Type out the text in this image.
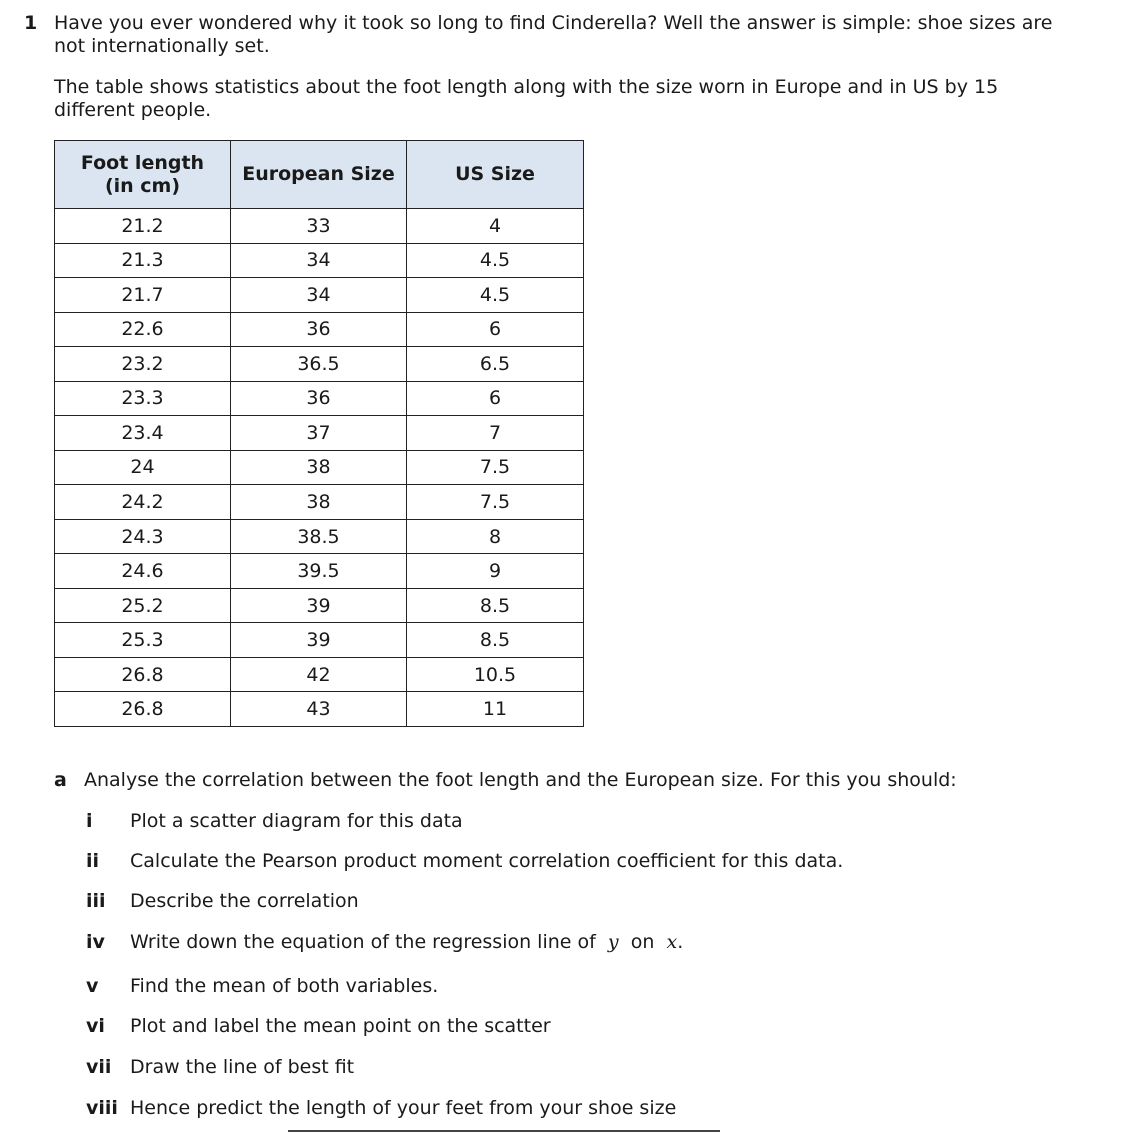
1 Have you ever wondered why it took so long to find Cinderella? Well the answer is simple: shoe sizes are not internationally set.

The table shows statistics about the foot length along with the size worn in Europe and in US by 15 different people.

Foot length
(in cm)	European Size	US Size
21.2	33	4
21.3	34	4.5
21.7	34	4.5
22.6	36	6
23.2	36.5	6.5
23.3	36	6
23.4	37	7
24	38	7.5
24.2	38	7.5
24.3	38.5	8
24.6	39.5	9
25.2	39	8.5
25.3	39	8.5
26.8	42	10.5
26.8	43	11
a Analyse the correlation between the foot length and the European size. For this you should:
i Plot a scatter diagram for this data
ii Calculate the Pearson product moment correlation coefficient for this data.
iii Describe the correlation
iv Write down the equation of the regression line of y on x.
v Find the mean of both variables.
vi Plot and label the mean point on the scatter
vii Draw the line of best fit
viii Hence predict the length of your feet from your shoe size
